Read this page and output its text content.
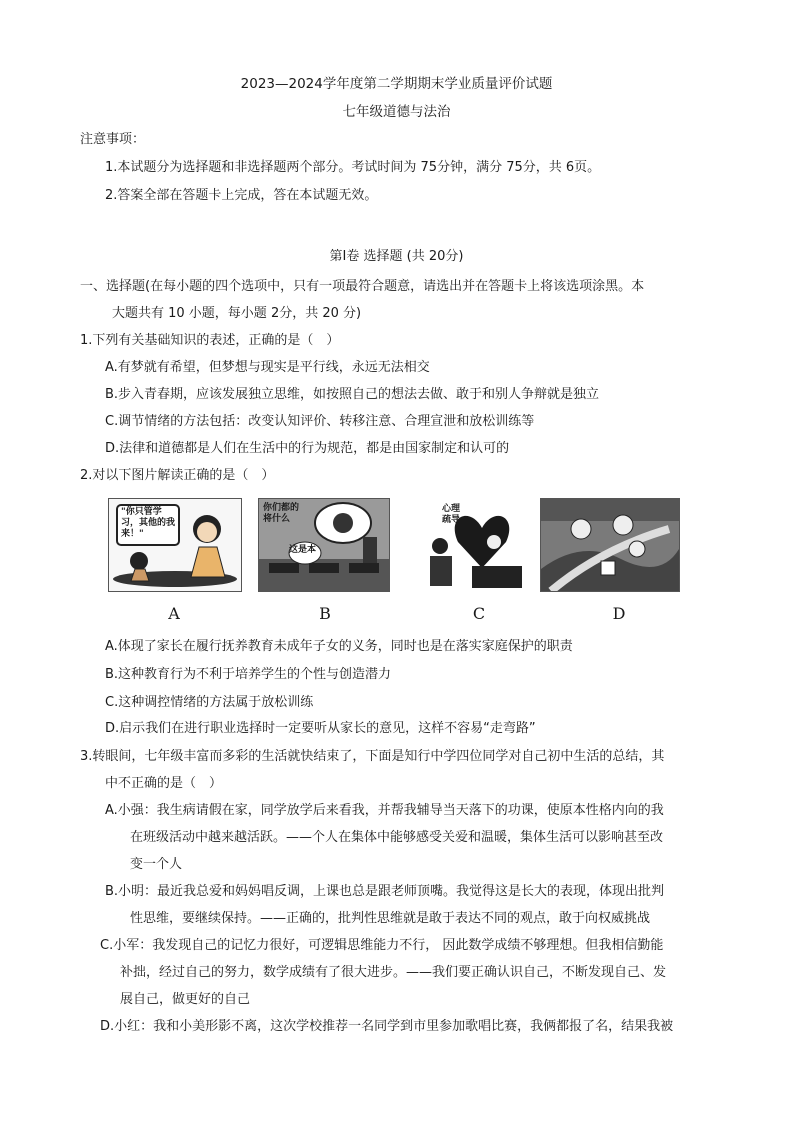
2023—2024学年度第二学期期末学业质量评价试题
七年级道德与法治
注意事项：
1.本试题分为选择题和非选择题两个部分。考试时间为 75分钟，满分 75分，共 6页。
2.答案全部在答题卡上完成，答在本试题无效。
第Ⅰ卷 选择题 (共 20分)
一、选择题(在每小题的四个选项中，只有一项最符合题意，请选出并在答题卡上将该选项涂黑。本
大题共有 10 小题，每小题 2分，共 20 分)
1.下列有关基础知识的表述，正确的是（　）
A.有梦就有希望，但梦想与现实是平行线，永远无法相交
B.步入青春期，应该发展独立思维，如按照自己的想法去做、敢于和别人争辩就是独立
C.调节情绪的方法包括：改变认知评价、转移注意、合理宣泄和放松训练等
D.法律和道德都是人们在生活中的行为规范，都是由国家制定和认可的
2.对以下图片解读正确的是（　）
"你只管学习，其他的我来！"
A
你们都的将什么
这是本
B
心理疏导
C	D
A.体现了家长在履行抚养教育未成年子女的义务，同时也是在落实家庭保护的职责
B.这种教育行为不利于培养学生的个性与创造潜力
C.这种调控情绪的方法属于放松训练
D.启示我们在进行职业选择时一定要听从家长的意见，这样不容易“走弯路”
3.转眼间，七年级丰富而多彩的生活就快结束了，下面是知行中学四位同学对自己初中生活的总结，其
中不正确的是（　）
A.小强：我生病请假在家，同学放学后来看我，并帮我辅导当天落下的功课，使原本性格内向的我
在班级活动中越来越活跃。——个人在集体中能够感受关爱和温暖，集体生活可以影响甚至改
变一个人
B.小明：最近我总爱和妈妈唱反调，上课也总是跟老师顶嘴。我觉得这是长大的表现，体现出批判
性思维，要继续保持。——正确的，批判性思维就是敢于表达不同的观点，敢于向权威挑战
C.小军：我发现自己的记忆力很好，可逻辑思维能力不行， 因此数学成绩不够理想。但我相信勤能
补拙，经过自己的努力，数学成绩有了很大进步。——我们要正确认识自己，不断发现自己、发
展自己，做更好的自己
D.小红：我和小美形影不离，这次学校推荐一名同学到市里参加歌唱比赛，我俩都报了名，结果我被
